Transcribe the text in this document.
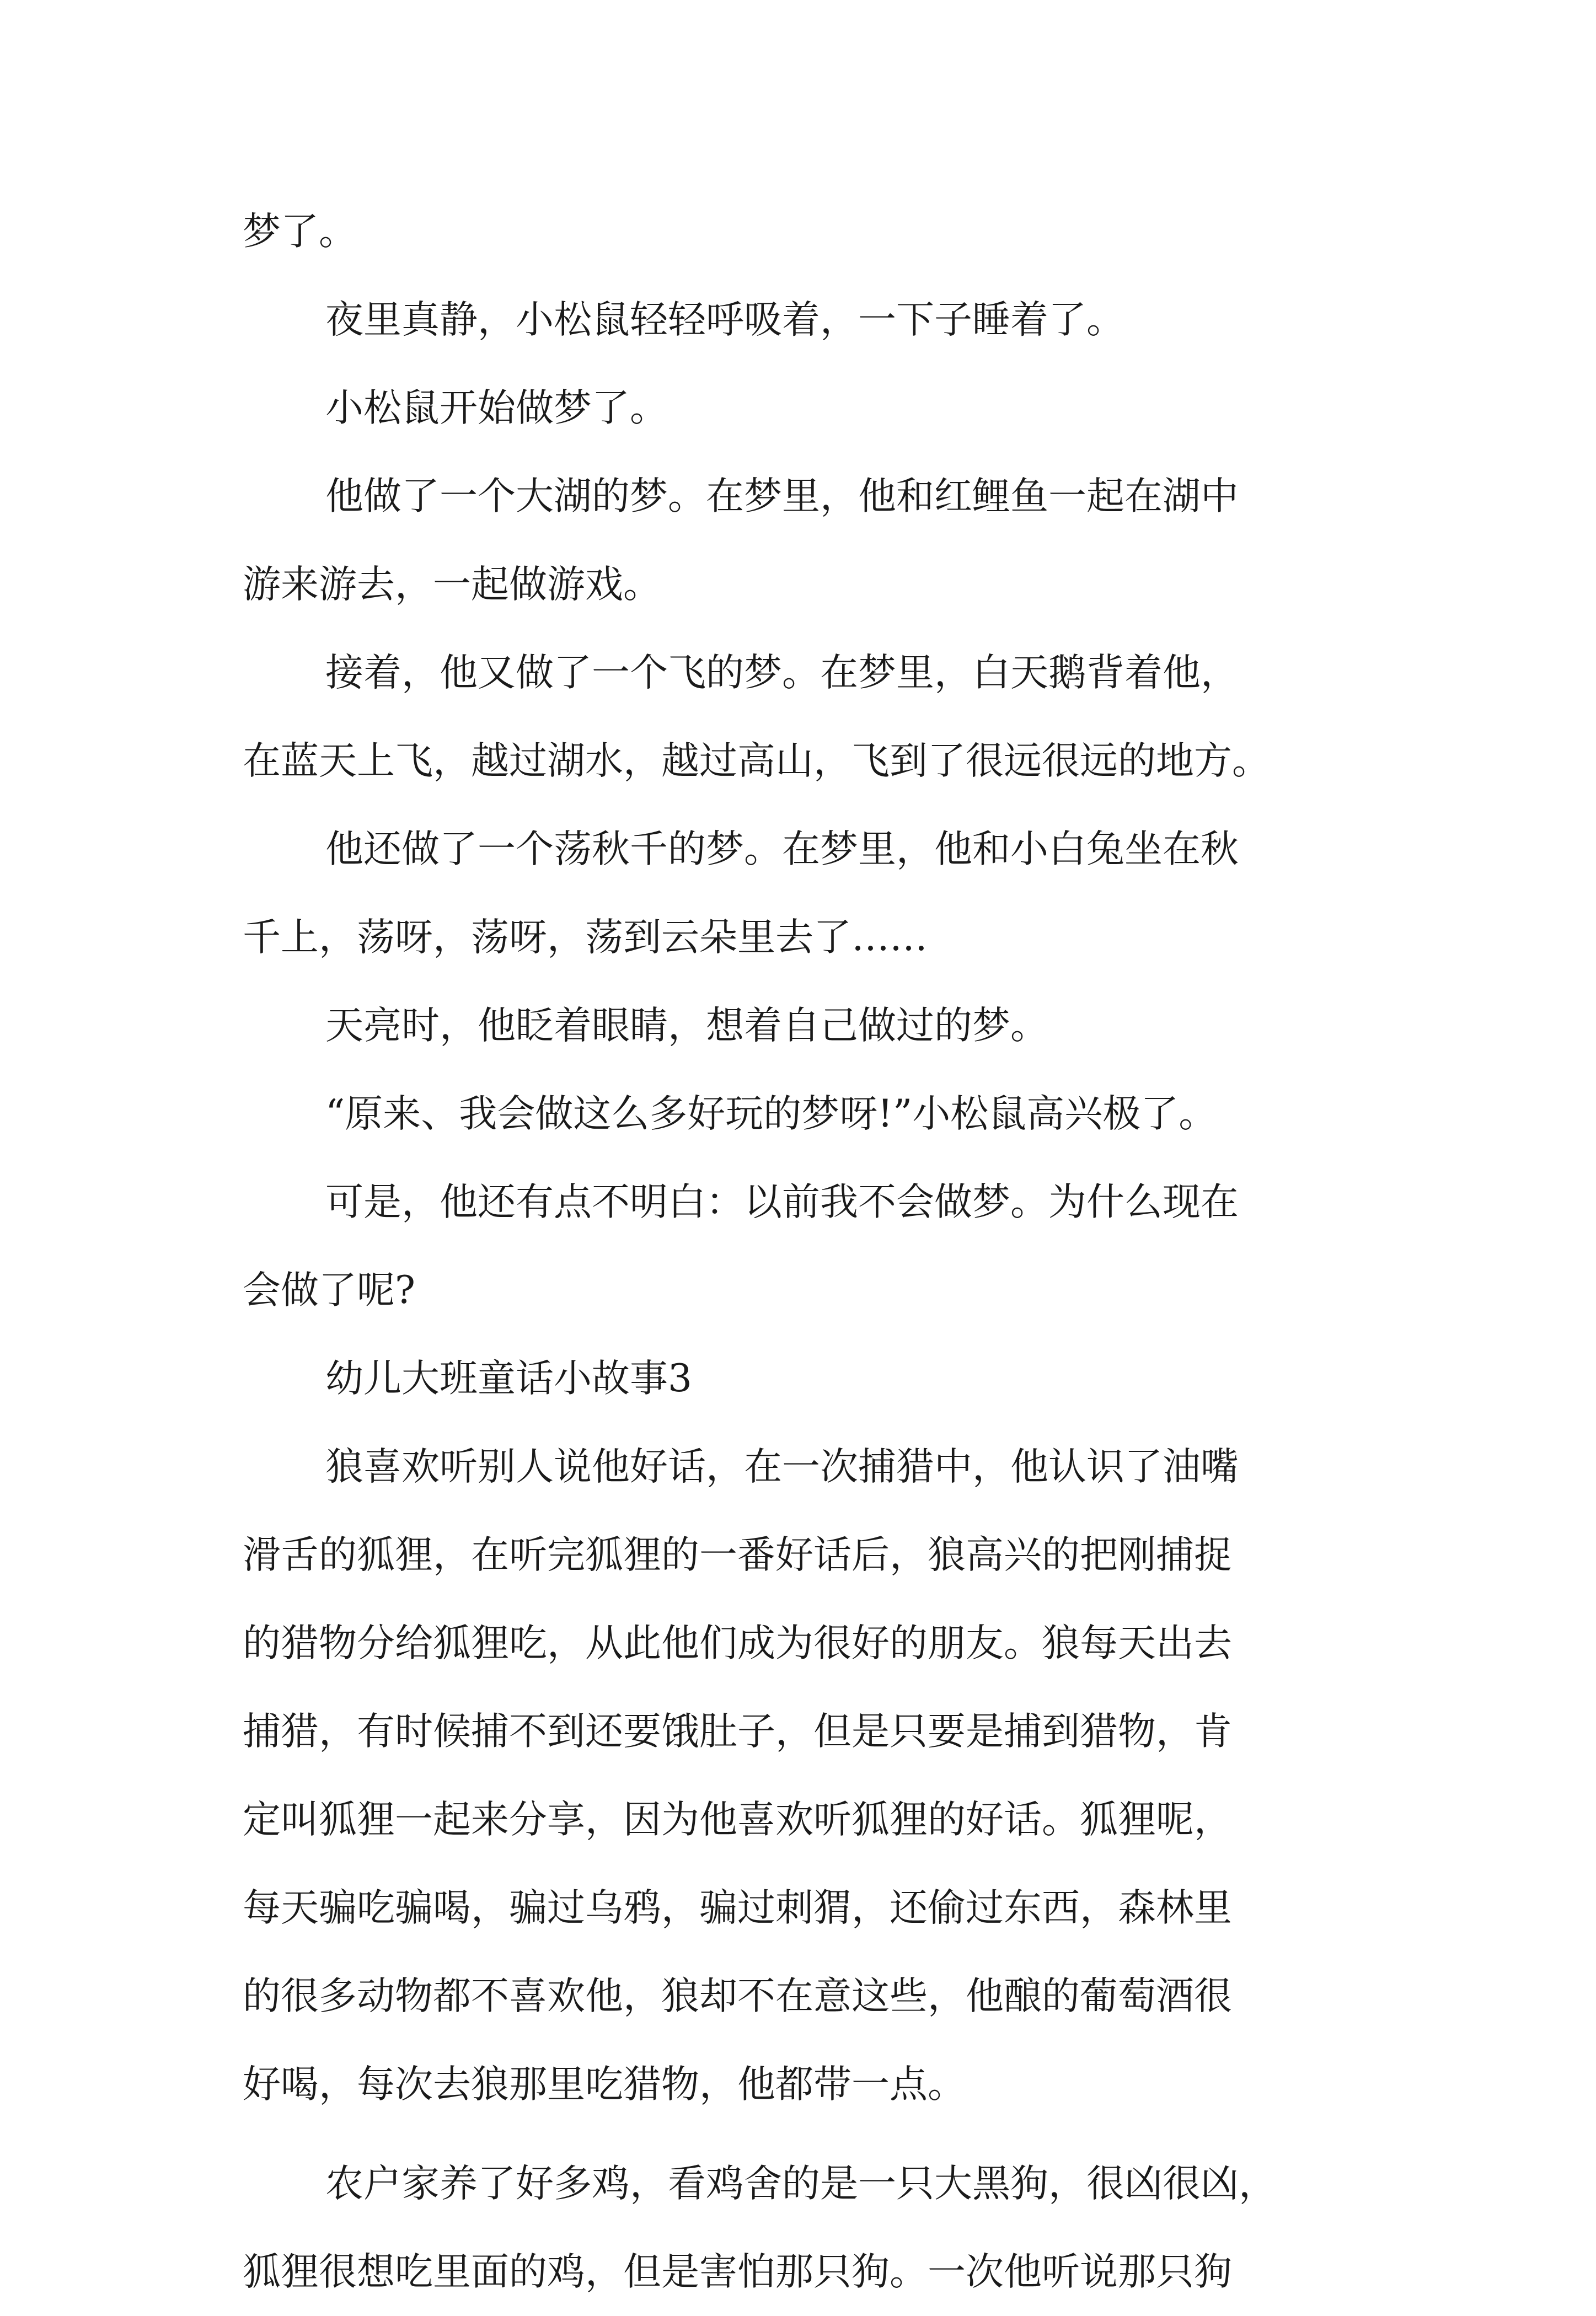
梦了。
夜里真静，小松鼠轻轻呼吸着，一下子睡着了。
小松鼠开始做梦了。
他做了一个大湖的梦。在梦里，他和红鲤鱼一起在湖中
游来游去，一起做游戏。
接着，他又做了一个飞的梦。在梦里，白天鹅背着他，
在蓝天上飞，越过湖水，越过高山，飞到了很远很远的地方。
他还做了一个荡秋千的梦。在梦里，他和小白兔坐在秋
千上，荡呀，荡呀，荡到云朵里去了……
天亮时，他眨着眼睛，想着自己做过的梦。
“原来、我会做这么多好玩的梦呀!”小松鼠高兴极了。
可是，他还有点不明白：以前我不会做梦。为什么现在
会做了呢?
幼儿大班童话小故事3
狼喜欢听别人说他好话，在一次捕猎中，他认识了油嘴
滑舌的狐狸，在听完狐狸的一番好话后，狼高兴的把刚捕捉
的猎物分给狐狸吃，从此他们成为很好的朋友。狼每天出去
捕猎，有时候捕不到还要饿肚子，但是只要是捕到猎物，肯
定叫狐狸一起来分享，因为他喜欢听狐狸的好话。狐狸呢，
每天骗吃骗喝，骗过乌鸦，骗过刺猬，还偷过东西，森林里
的很多动物都不喜欢他，狼却不在意这些，他酿的葡萄酒很
好喝，每次去狼那里吃猎物，他都带一点。
农户家养了好多鸡，看鸡舍的是一只大黑狗，很凶很凶，
狐狸很想吃里面的鸡，但是害怕那只狗。一次他听说那只狗
